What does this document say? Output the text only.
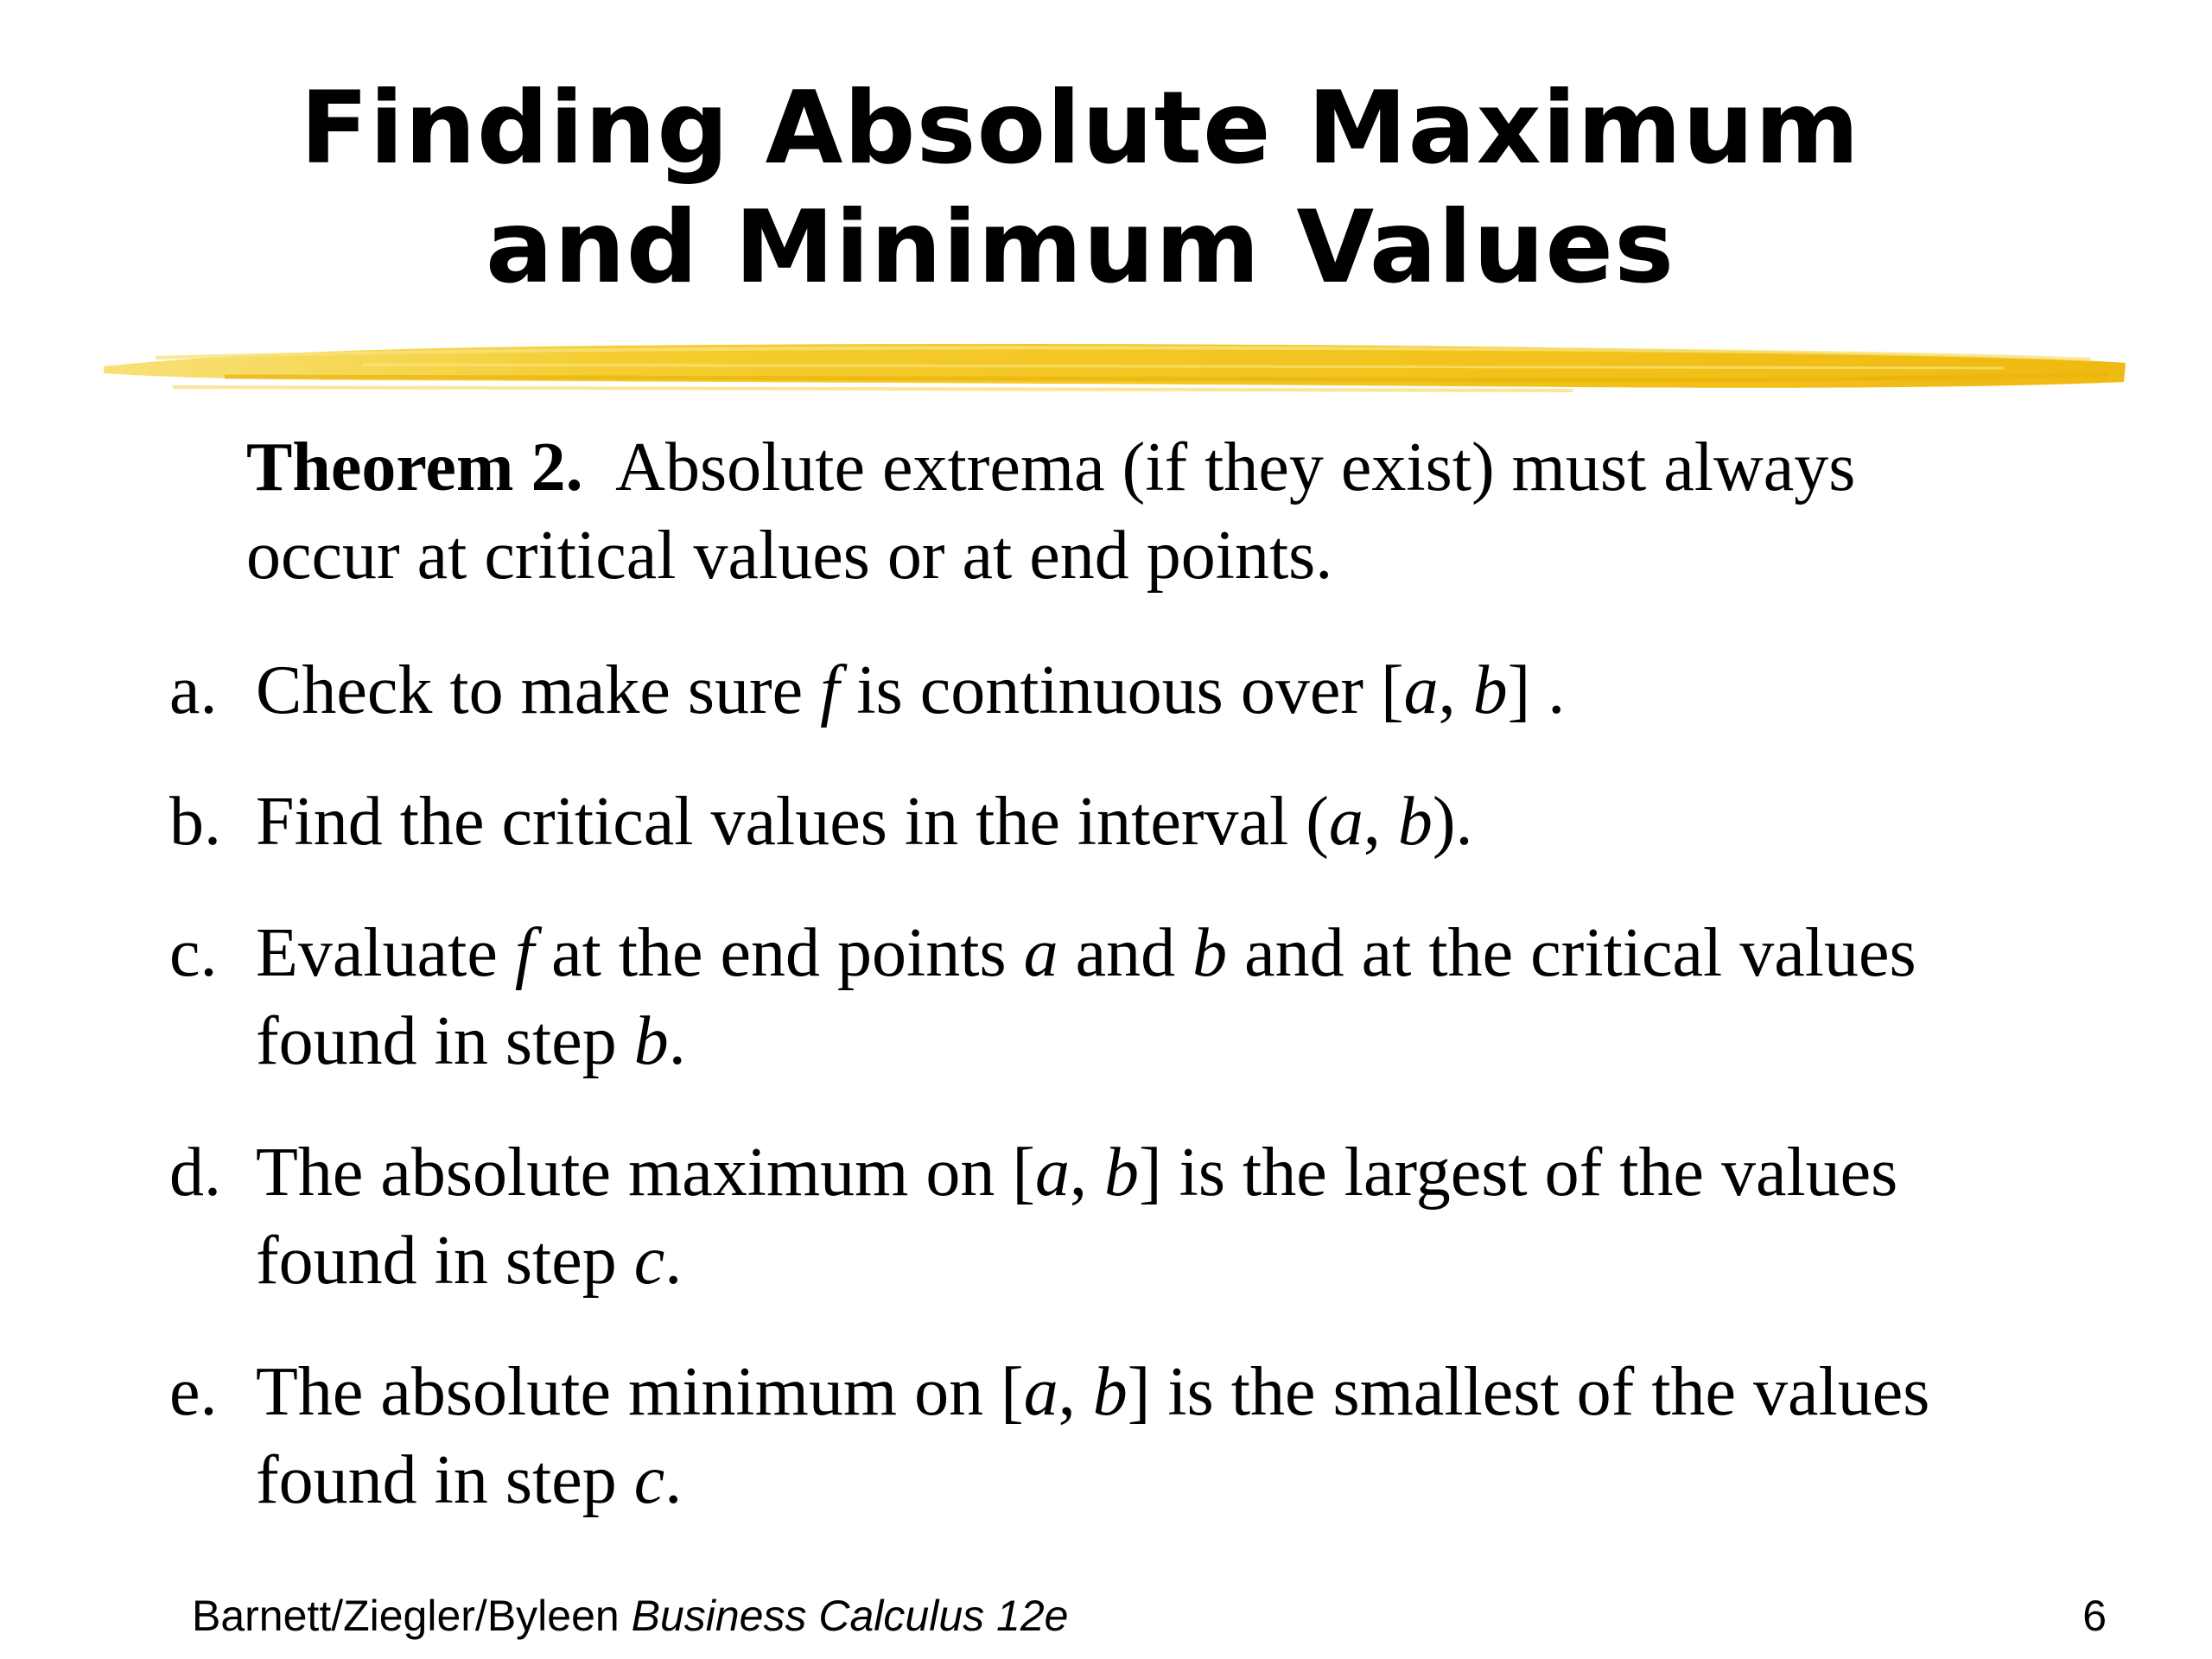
Finding Absolute Maximum
and Minimum Values
Theorem 2. Absolute extrema (if they exist) must always
occur at critical values or at end points.
a. Check to make sure f is continuous over [a, b] .
b. Find the critical values in the interval (a, b).
c. Evaluate f at the end points a and b and at the critical values
found in step b.
d. The absolute maximum on [a, b] is the largest of the values
found in step c.
e. The absolute minimum on [a, b] is the smallest of the values
found in step c.
Barnett/Ziegler/Byleen Business Calculus 12e	6
